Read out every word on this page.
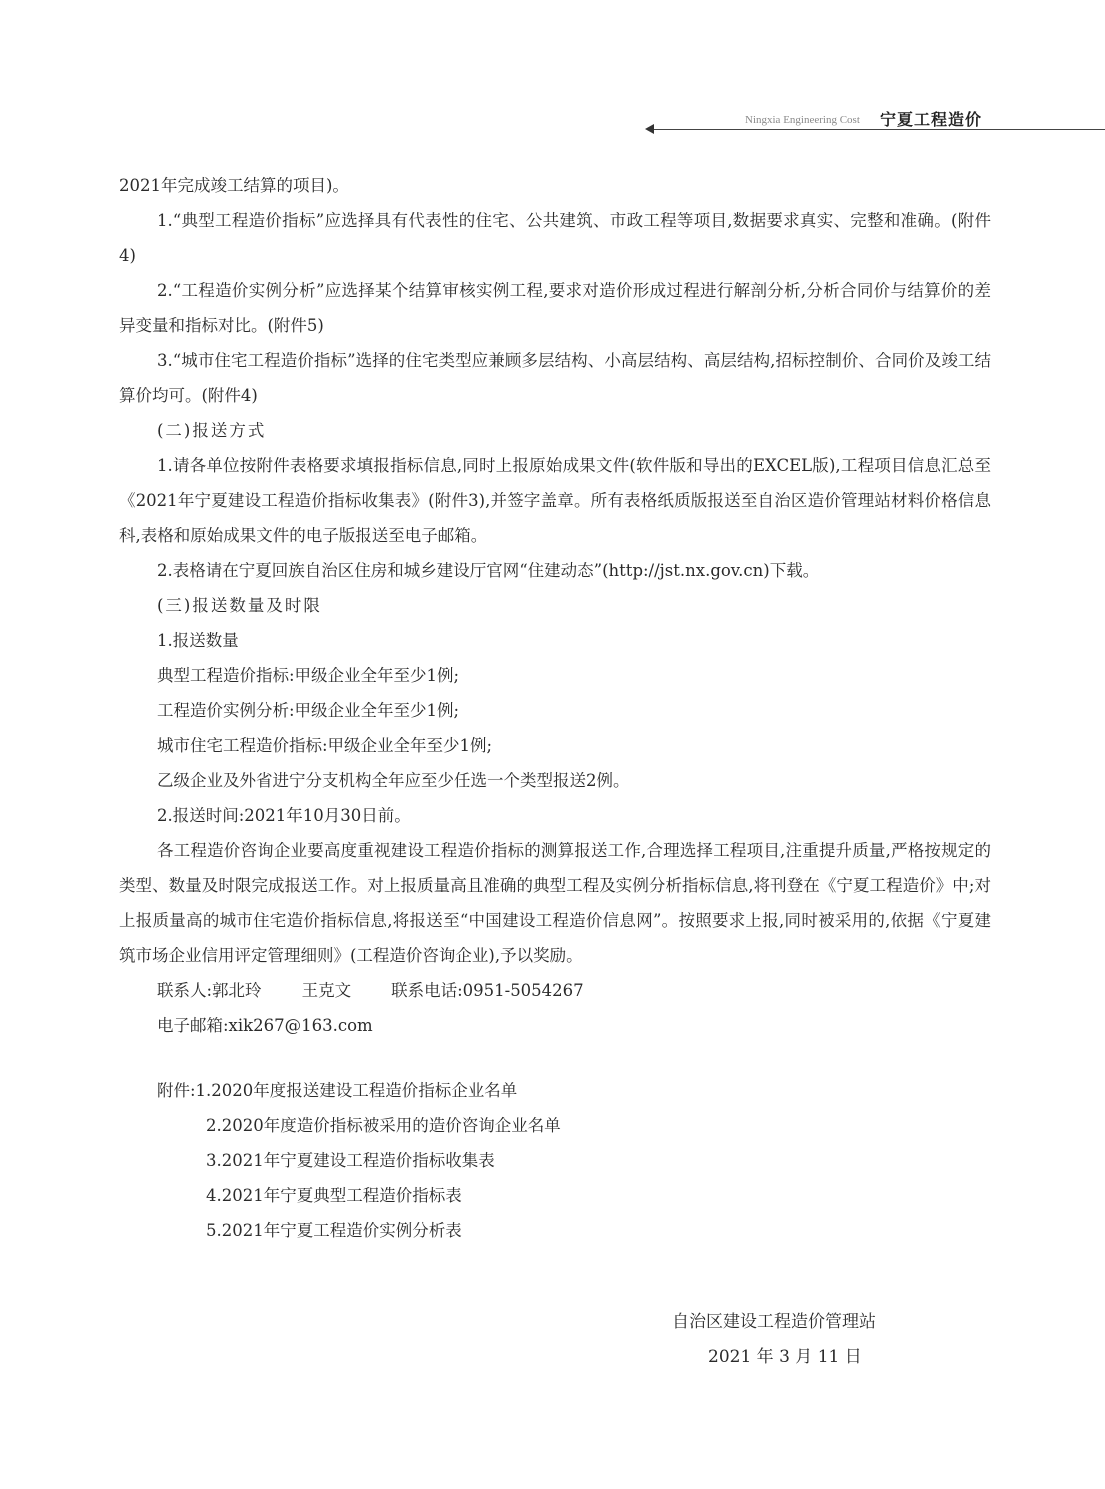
Ningxia Engineering Cost 宁夏工程造价

2021年完成竣工结算的项目)。

1.“典型工程造价指标”应选择具有代表性的住宅、公共建筑、市政工程等项目,数据要求真实、完整和准确。(附件4)

2.“工程造价实例分析”应选择某个结算审核实例工程,要求对造价形成过程进行解剖分析,分析合同价与结算价的差异变量和指标对比。(附件5)

3.“城市住宅工程造价指标”选择的住宅类型应兼顾多层结构、小高层结构、高层结构,招标控制价、合同价及竣工结算价均可。(附件4)

(二)报送方式

1.请各单位按附件表格要求填报指标信息,同时上报原始成果文件(软件版和导出的EXCEL版),工程项目信息汇总至《2021年宁夏建设工程造价指标收集表》(附件3),并签字盖章。所有表格纸质版报送至自治区造价管理站材料价格信息科,表格和原始成果文件的电子版报送至电子邮箱。

2.表格请在宁夏回族自治区住房和城乡建设厅官网“住建动态”(http://jst.nx.gov.cn)下载。

(三)报送数量及时限

1.报送数量

典型工程造价指标:甲级企业全年至少1例;

工程造价实例分析:甲级企业全年至少1例;

城市住宅工程造价指标:甲级企业全年至少1例;

乙级企业及外省进宁分支机构全年应至少任选一个类型报送2例。

2.报送时间:2021年10月30日前。

各工程造价咨询企业要高度重视建设工程造价指标的测算报送工作,合理选择工程项目,注重提升质量,严格按规定的类型、数量及时限完成报送工作。对上报质量高且准确的典型工程及实例分析指标信息,将刊登在《宁夏工程造价》中;对上报质量高的城市住宅造价指标信息,将报送至“中国建设工程造价信息网”。按照要求上报,同时被采用的,依据《宁夏建筑市场企业信用评定管理细则》(工程造价咨询企业),予以奖励。

联系人:郭北玲 王克文 联系电话:0951-5054267

电子邮箱:xik267@163.com

附件:1.2020年度报送建设工程造价指标企业名单

2.2020年度造价指标被采用的造价咨询企业名单

3.2021年宁夏建设工程造价指标收集表

4.2021年宁夏典型工程造价指标表

5.2021年宁夏工程造价实例分析表

自治区建设工程造价管理站
2021 年 3 月 11 日
